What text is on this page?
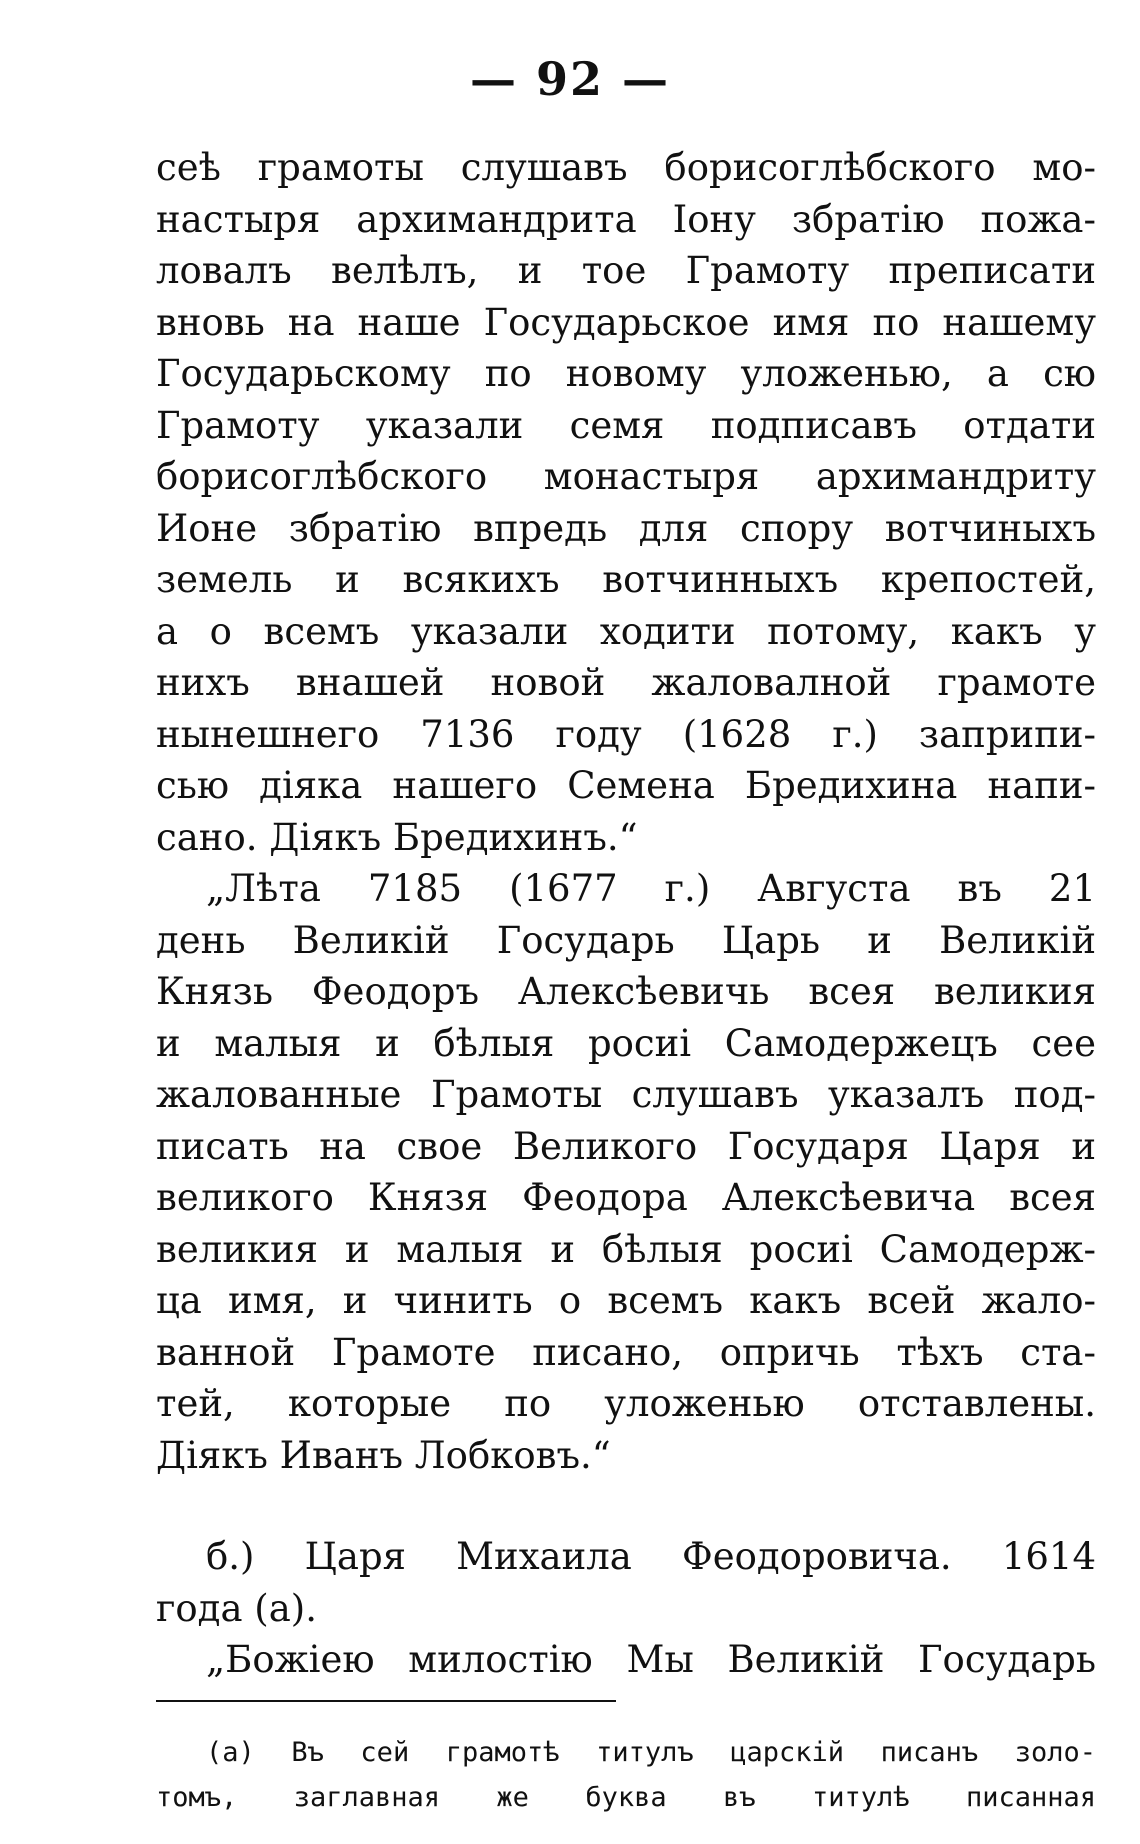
— 92 —
сеѣ грамоты слушавъ борисоглѣбского мо-
настыря архимандрита Іону збратiю пожа-
ловалъ велѣлъ, и тое Грамоту преписати
вновь на наше Государьское имя по нашему
Государьскому по новому уложенью, а сю
Грамоту указали семя подписавъ отдати
борисоглѣбского монастыря архимандриту
Ионе збратiю впредь для спору вотчиныхъ
земель и всякихъ вотчинныхъ крепостей,
а о всемъ указали ходити потому, какъ у
нихъ внашей новой жаловалной грамоте
нынешнего 7136 году (1628 г.) заприпи-
сью дiяка нашего Семена Бредихина напи-
сано. Дiякъ Бредихинъ.“
„Лѣта 7185 (1677 г.) Августа въ 21
день Великiй Государь Царь и Великiй
Князь Феодоръ Алексѣевичь всея великия
и малыя и бѣлыя росиi Самодержецъ сее
жалованные Грамоты слушавъ указалъ под-
писать на свое Великого Государя Царя и
великого Князя Феодора Алексѣевича всея
великия и малыя и бѣлыя росиi Самодерж-
ца имя, и чинить о всемъ какъ всей жало-
ванной Грамоте писано, опричь тѣхъ ста-
тей, которые по уложенью отставлены.
Дiякъ Иванъ Лобковъ.“
б.) Царя Михаила Феодоровича. 1614
года (а).
„Божiею милостiю Мы Великiй Государь
(а) Въ сей грамотѣ титулъ царскiй писанъ золо-
томъ, заглавная же буква въ титулѣ писанная
